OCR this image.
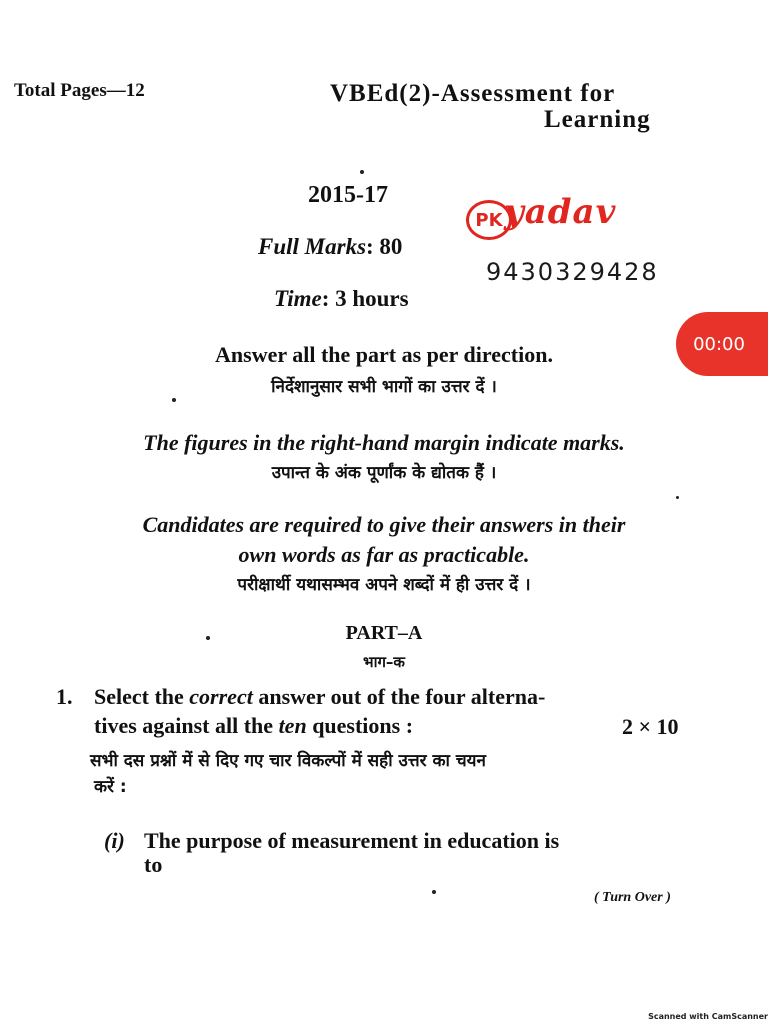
Total Pages—12	VBEd(2)-Assessment for
Learning
2015-17
Full Marks: 80
Time: 3 hours
PK yadav
9430329428
00:00
Answer all the part as per direction.
निर्देशानुसार सभी भागों का उत्तर दें ।
The figures in the right-hand margin indicate marks.
उपान्त के अंक पूर्णांक के द्योतक हैं ।
Candidates are required to give their answers in their
own words as far as practicable.
परीक्षार्थी यथासम्भव अपने शब्दों में ही उत्तर दें ।
PART–A
भाग–क
1. Select the correct answer out of the four alterna-
tives against all the ten questions :	2 × 10
सभी दस प्रश्नों में से दिए गए चार विकल्पों में सही उत्तर का चयन
करें :
(i) The purpose of measurement in education is
to
( Turn Over )
Scanned with CamScanner
